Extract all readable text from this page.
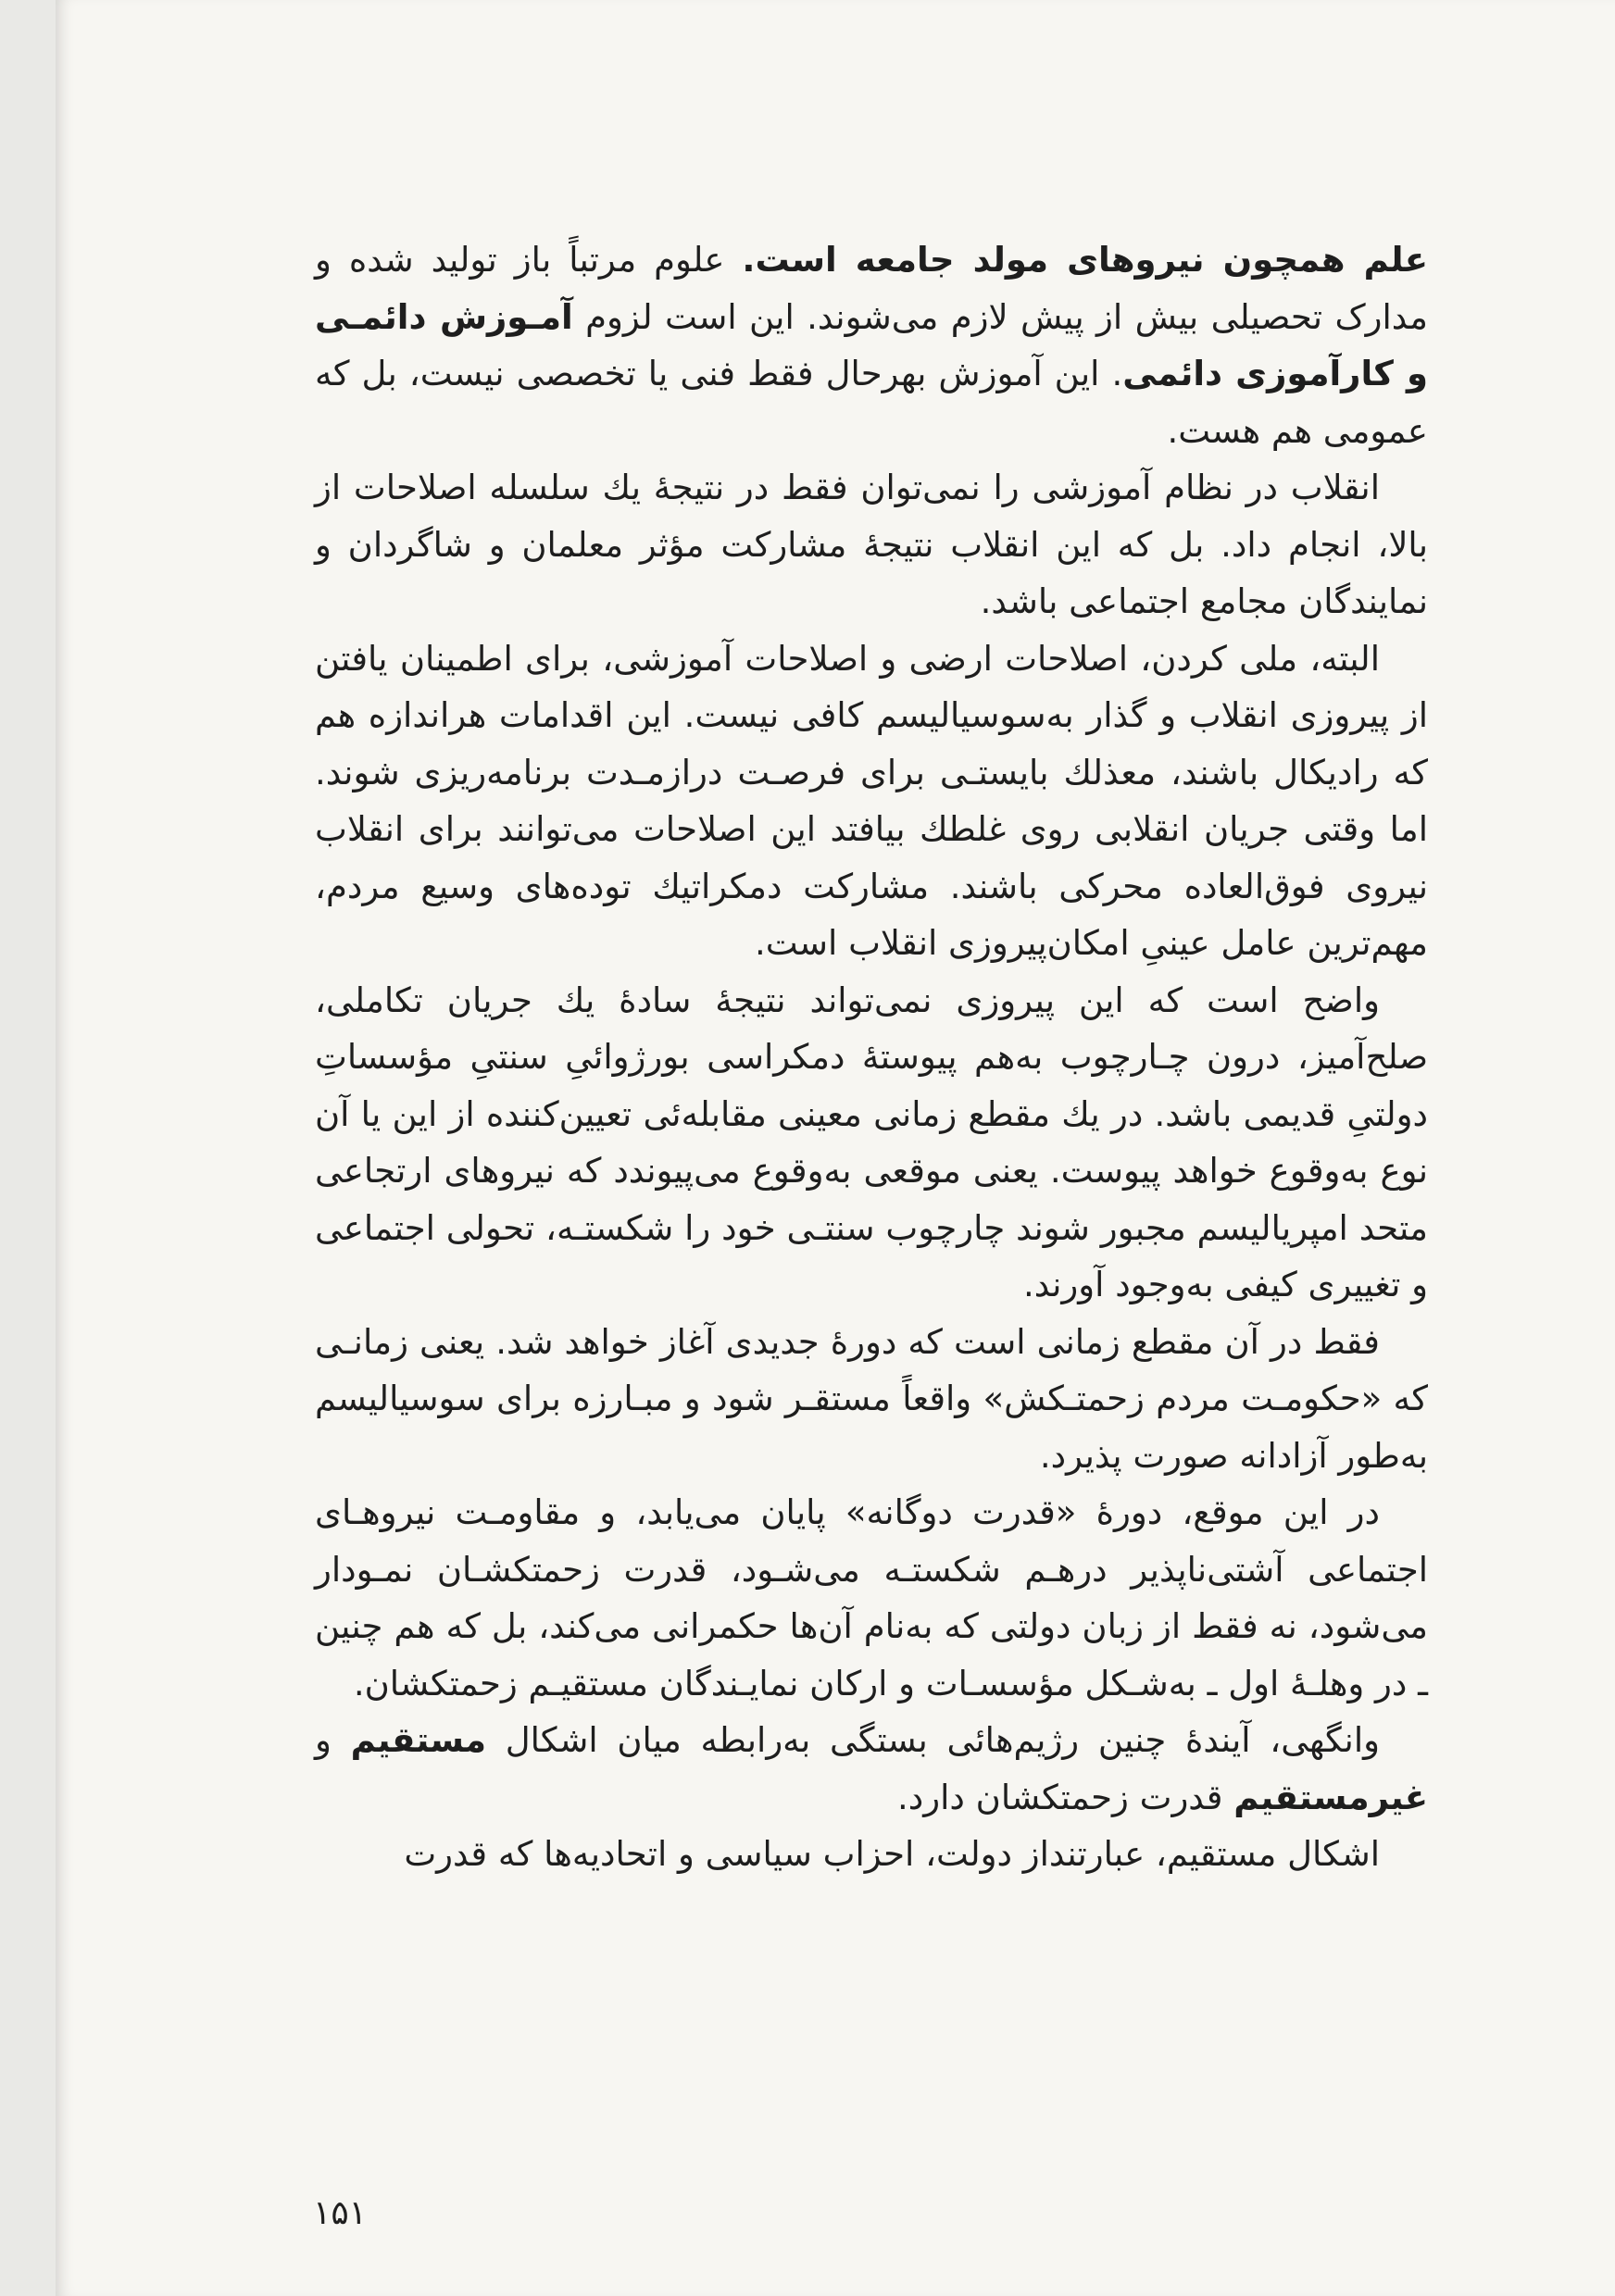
علم همچون نیروهای مولد جامعه است. علوم مرتباً باز تولید شده و مدارک تحصیلی بیش از پیش لازم می‌شوند. این است لزوم آمـوزش دائمـی و کارآموزی دائمی. این آموزش بهرحال فقط فنی یا تخصصی نیست، بل که عمومی هم هست.

انقلاب در نظام آموزشی را نمی‌توان فقط در نتیجهٔ یك سلسله اصلاحات از بالا، انجام داد. بل که این انقلاب نتیجهٔ مشارکت مؤثر معلمان و شاگردان و نمایندگان مجامع اجتماعی باشد.

البته، ملی کردن، اصلاحات ارضی و اصلاحات آموزشی، برای اطمینان یافتن از پیروزی انقلاب و گذار به‌سوسیالیسم کافی نیست. این اقدامات هراندازه هم که رادیکال باشند، معذلك بایستـی برای فرصـت درازمـدت برنامه‌ریزی شوند. اما وقتی جریان انقلابی روی غلطك بیافتد این اصلاحات می‌توانند برای انقلاب نیروی فوق‌العاده محرکی باشند. مشارکت دمکراتیك توده‌های وسیع مردم، مهم‌ترین عامل عینیِ امکان‌پیروزی انقلاب است.

واضح است که این پیروزی نمی‌تواند نتیجهٔ سادهٔ یك جریان تکاملی، صلح‌آمیز، درون چـارچوب به‌هم پیوستهٔ دمکراسی بورژوائیِ سنتیِ مؤسساتِ دولتیِ قدیمی باشد. در یك مقطع زمانی معینی مقابله‌ئی تعیین‌کننده از این یا آن نوع به‌وقوع خواهد پیوست. یعنی موقعی به‌وقوع می‌پیوندد که نیروهای ارتجاعی متحد امپریالیسم مجبور شوند چارچوب سنتـی خود را شکستـه، تحولی اجتماعی و تغییری کیفی به‌وجود آورند.

فقط در آن مقطع زمانی است که دورهٔ جدیدی آغاز خواهد شد. یعنی زمانـی که «حکومـت مردم زحمتـکش» واقعاً مستقـر شود و مبـارزه برای سوسیالیسم به‌طور آزادانه صورت پذیرد.

در این موقع، دورهٔ «قدرت دوگانه» پایان می‌یابد، و مقاومـت نیروهـای اجتماعی آشتی‌ناپذیر درهـم شکستـه می‌شـود، قدرت زحمتکشـان نمـودار می‌شود، نه فقط از زبان دولتی که به‌نام آن‌ها حکمرانی می‌کند، بل که هم چنین ـ در وهلـهٔ اول ـ به‌شـکل مؤسسـات و ارکان نمایـندگان مستقیـم زحمتکشان.

وانگهی، آیندهٔ چنین رژیم‌هائی بستگی به‌رابطه میان اشکال مستقیم و غیرمستقیم قدرت زحمتکشان دارد.

اشکال مستقیم، عبارتنداز دولت، احزاب سیاسی و اتحادیه‌ها که قدرت

۱۵۱
